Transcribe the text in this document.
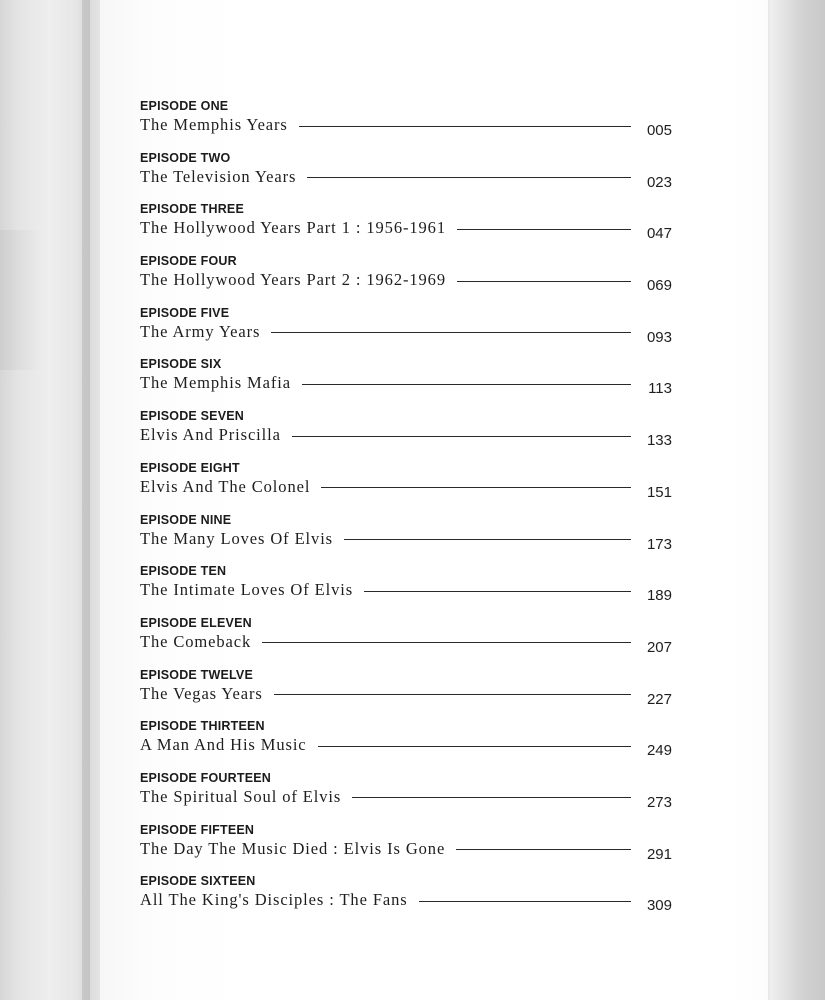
EPISODE ONE
The Memphis Years	005
EPISODE TWO
The Television Years	023
EPISODE THREE
The Hollywood Years Part 1 : 1956-1961	047
EPISODE FOUR
The Hollywood Years Part 2 : 1962-1969	069
EPISODE FIVE
The Army Years	093
EPISODE SIX
The Memphis Mafia	113
EPISODE SEVEN
Elvis And Priscilla	133
EPISODE EIGHT
Elvis And The Colonel	151
EPISODE NINE
The Many Loves Of Elvis	173
EPISODE TEN
The Intimate Loves Of Elvis	189
EPISODE ELEVEN
The Comeback	207
EPISODE TWELVE
The Vegas Years	227
EPISODE THIRTEEN
A Man And His Music	249
EPISODE FOURTEEN
The Spiritual Soul of Elvis	273
EPISODE FIFTEEN
The Day The Music Died : Elvis Is Gone	291
EPISODE SIXTEEN
All The King's Disciples : The Fans	309
